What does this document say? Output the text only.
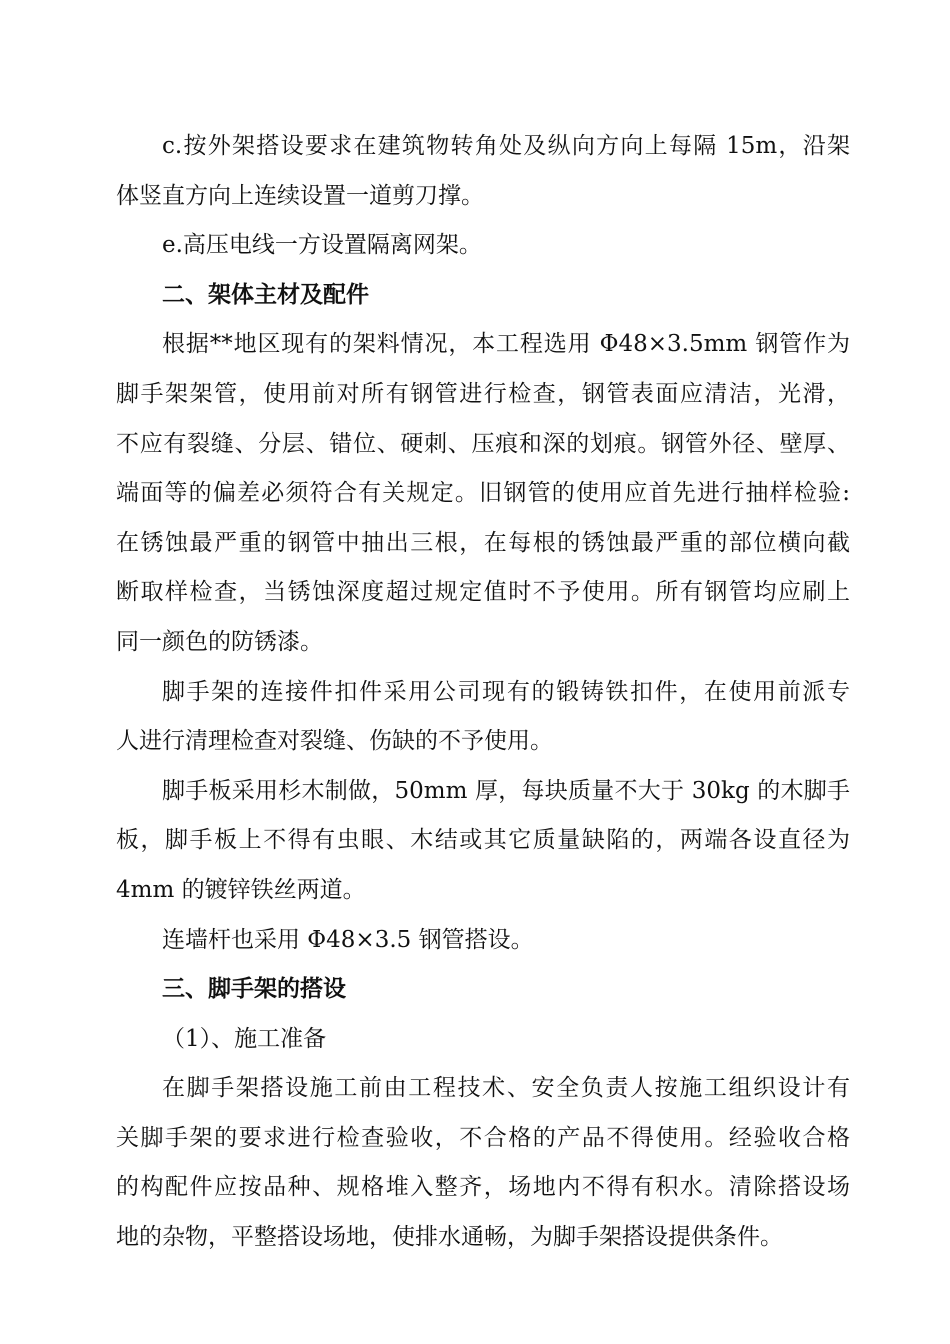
c.按外架搭设要求在建筑物转角处及纵向方向上每隔 15m，沿架
体竖直方向上连续设置一道剪刀撑。
e.高压电线一方设置隔离网架。
二、架体主材及配件
根据**地区现有的架料情况，本工程选用 Φ48×3.5mm 钢管作为
脚手架架管，使用前对所有钢管进行检查，钢管表面应清洁，光滑，
不应有裂缝、分层、错位、硬刺、压痕和深的划痕。钢管外径、壁厚、
端面等的偏差必须符合有关规定。旧钢管的使用应首先进行抽样检验:
在锈蚀最严重的钢管中抽出三根，在每根的锈蚀最严重的部位横向截
断取样检查，当锈蚀深度超过规定值时不予使用。所有钢管均应刷上
同一颜色的防锈漆。
脚手架的连接件扣件采用公司现有的锻铸铁扣件，在使用前派专
人进行清理检查对裂缝、伤缺的不予使用。
脚手板采用杉木制做，50mm 厚，每块质量不大于 30kg 的木脚手
板，脚手板上不得有虫眼、木结或其它质量缺陷的，两端各设直径为
4mm 的镀锌铁丝两道。
连墙杆也采用 Φ48×3.5 钢管搭设。
三、脚手架的搭设
（1）、施工准备
在脚手架搭设施工前由工程技术、安全负责人按施工组织设计有
关脚手架的要求进行检查验收，不合格的产品不得使用。经验收合格
的构配件应按品种、规格堆入整齐，场地内不得有积水。清除搭设场
地的杂物，平整搭设场地，使排水通畅，为脚手架搭设提供条件。
